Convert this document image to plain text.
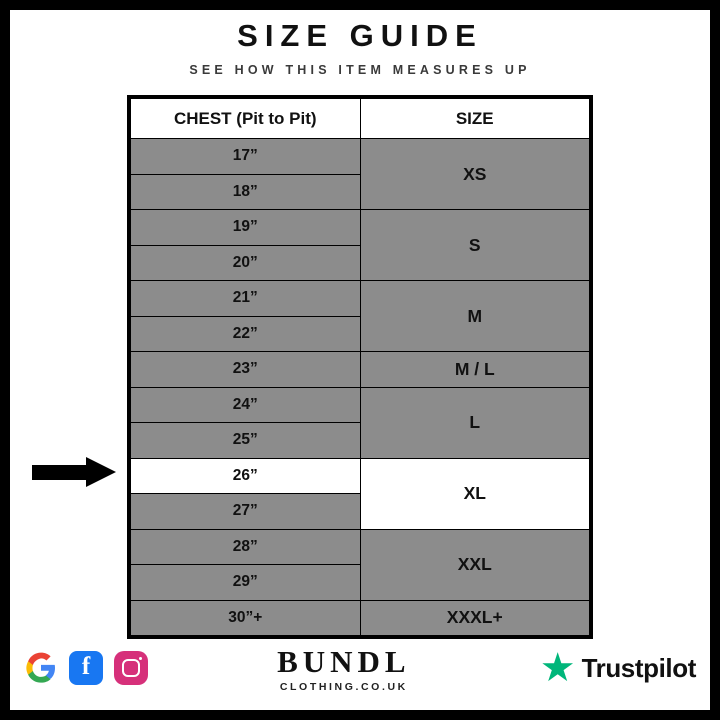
SIZE GUIDE
SEE HOW THIS ITEM MEASURES UP
CHEST (Pit to Pit)	SIZE
17”	XS
18”	
19”	S
20”	
21”	M
22”	
23”	M / L
24”	L
25”	
26”	XL
27”	
28”	XXL
29”	
30”+	XXXL+
f	BUNDL
CLOTHING.CO.UK	★ Trustpilot
